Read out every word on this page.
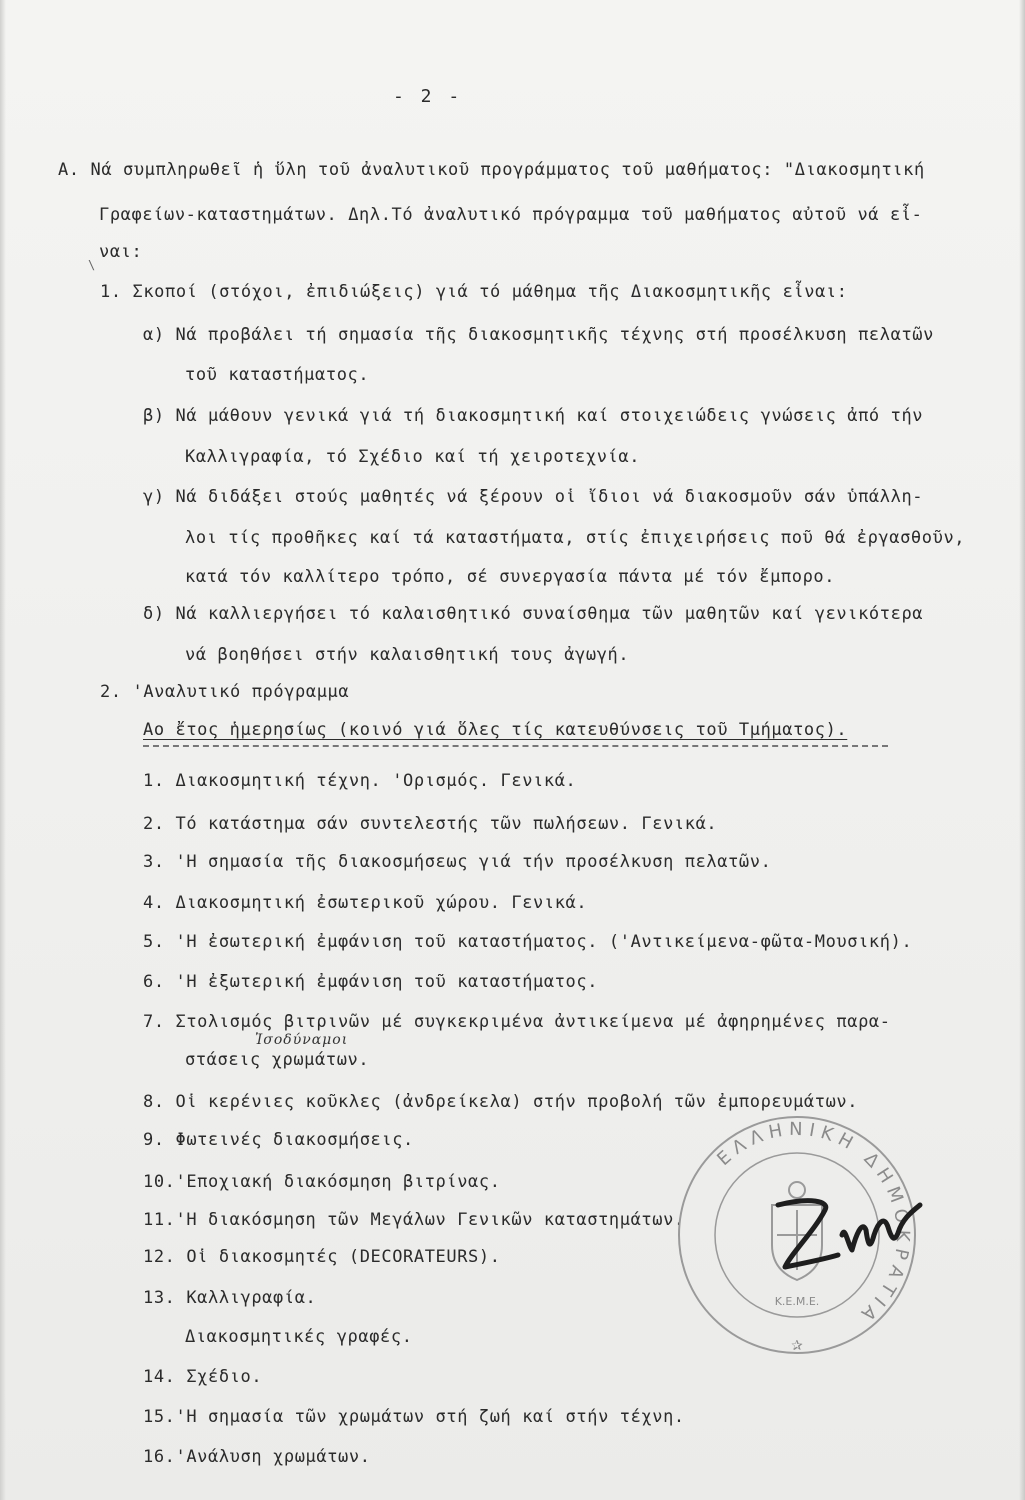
- 2 -
Α. Νά συμπληρωθεῖ ἡ ὕλη τοῦ ἀναλυτικοῦ προγράμματος τοῦ μαθήματος: "Διακοσμητική
Γραφείων-καταστημάτων. Δηλ.Τό ἀναλυτικό πρόγραμμα τοῦ μαθήματος αὐτοῦ νά εἶ-
ναι:
\
1. Σκοποί (στόχοι, ἐπιδιώξεις) γιά τό μάθημα τῆς Διακοσμητικῆς εἶναι:
α) Νά προβάλει τή σημασία τῆς διακοσμητικῆς τέχνης στή προσέλκυση πελατῶν
τοῦ καταστήματος.
β) Νά μάθουν γενικά γιά τή διακοσμητική καί στοιχειώδεις γνώσεις ἀπό τήν
Καλλιγραφία, τό Σχέδιο καί τή χειροτεχνία.
γ) Νά διδάξει στούς μαθητές νά ξέρουν οἱ ἴδιοι νά διακοσμοῦν σάν ὑπάλλη-
λοι τίς προθῆκες καί τά καταστήματα, στίς ἐπιχειρήσεις ποῦ θά ἐργασθοῦν,
κατά τόν καλλίτερο τρόπο, σέ συνεργασία πάντα μέ τόν ἔμπορο.
δ) Νά καλλιεργήσει τό καλαισθητικό συναίσθημα τῶν μαθητῶν καί γενικότερα
νά βοηθήσει στήν καλαισθητική τους ἀγωγή.
2. 'Αναλυτικό πρόγραμμα
Αο ἔτος ἡμερησίως (κοινό γιά ὅλες τίς κατευθύνσεις τοῦ Τμήματος).
1. Διακοσμητική τέχνη. 'Ορισμός. Γενικά.
2. Τό κατάστημα σάν συντελεστής τῶν πωλήσεων. Γενικά.
3. 'Η σημασία τῆς διακοσμήσεως γιά τήν προσέλκυση πελατῶν.
4. Διακοσμητική ἐσωτερικοῦ χώρου. Γενικά.
5. 'Η ἐσωτερική ἐμφάνιση τοῦ καταστήματος. ('Αντικείμενα-φῶτα-Μουσική).
6. 'Η ἐξωτερική ἐμφάνιση τοῦ καταστήματος.
7. Στολισμός βιτρινῶν μέ συγκεκριμένα ἀντικείμενα μέ ἀφηρημένες παρα-
Ἰσοδύναμοι
στάσεις χρωμάτων.
8. Οἱ κερένιες κοῦκλες (ἀνδρείκελα) στήν προβολή τῶν ἐμπορευμάτων.
9. Φωτεινές διακοσμήσεις.
10.'Εποχιακή διακόσμηση βιτρίνας.
11.'Η διακόσμηση τῶν Μεγάλων Γενικῶν καταστημάτων.
12. Οἱ διακοσμητές (DECORATEURS).
13. Καλλιγραφία.
Διακοσμητικές γραφές.
14. Σχέδιο.
15.'Η σημασία τῶν χρωμάτων στή ζωή καί στήν τέχνη.
16.'Ανάλυση χρωμάτων.
ΕΛΛΗΝΙΚΗ ΔΗΜΟΚΡΑΤΙΑ
Κ.Ε.Μ.Ε.
✰
